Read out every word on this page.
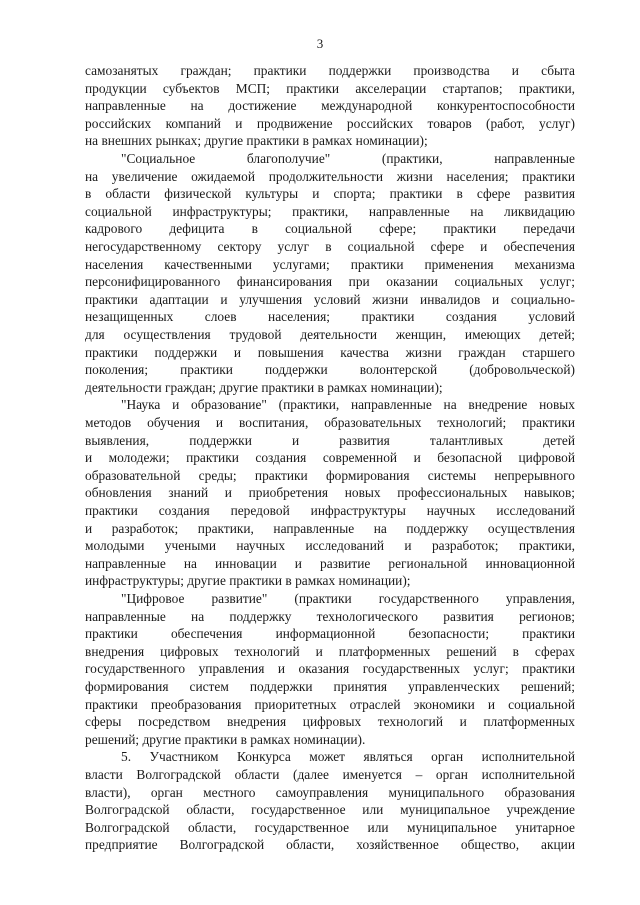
3
самозанятых граждан; практики поддержки производства и сбыта
продукции субъектов МСП; практики акселерации стартапов; практики,
направленные на достижение международной конкурентоспособности
российских компаний и продвижение российских товаров (работ, услуг)
на внешних рынках; другие практики в рамках номинации);
"Социальное благополучие" (практики, направленные
на увеличение ожидаемой продолжительности жизни населения; практики
в области физической культуры и спорта; практики в сфере развития
социальной инфраструктуры; практики, направленные на ликвидацию
кадрового дефицита в социальной сфере; практики передачи
негосударственному сектору услуг в социальной сфере и обеспечения
населения качественными услугами; практики применения механизма
персонифицированного финансирования при оказании социальных услуг;
практики адаптации и улучшения условий жизни инвалидов и социально-
незащищенных слоев населения; практики создания условий
для осуществления трудовой деятельности женщин, имеющих детей;
практики поддержки и повышения качества жизни граждан старшего
поколения; практики поддержки волонтерской (добровольческой)
деятельности граждан; другие практики в рамках номинации);
"Наука и образование" (практики, направленные на внедрение новых
методов обучения и воспитания, образовательных технологий; практики
выявления, поддержки и развития талантливых детей
и молодежи; практики создания современной и безопасной цифровой
образовательной среды; практики формирования системы непрерывного
обновления знаний и приобретения новых профессиональных навыков;
практики создания передовой инфраструктуры научных исследований
и разработок; практики, направленные на поддержку осуществления
молодыми учеными научных исследований и разработок; практики,
направленные на инновации и развитие региональной инновационной
инфраструктуры; другие практики в рамках номинации);
"Цифровое развитие" (практики государственного управления,
направленные на поддержку технологического развития регионов;
практики обеспечения информационной безопасности; практики
внедрения цифровых технологий и платформенных решений в сферах
государственного управления и оказания государственных услуг; практики
формирования систем поддержки принятия управленческих решений;
практики преобразования приоритетных отраслей экономики и социальной
сферы посредством внедрения цифровых технологий и платформенных
решений; другие практики в рамках номинации).
5. Участником Конкурса может являться орган исполнительной
власти Волгоградской области (далее именуется – орган исполнительной
власти), орган местного самоуправления муниципального образования
Волгоградской области, государственное или муниципальное учреждение
Волгоградской области, государственное или муниципальное унитарное
предприятие Волгоградской области, хозяйственное общество, акции
